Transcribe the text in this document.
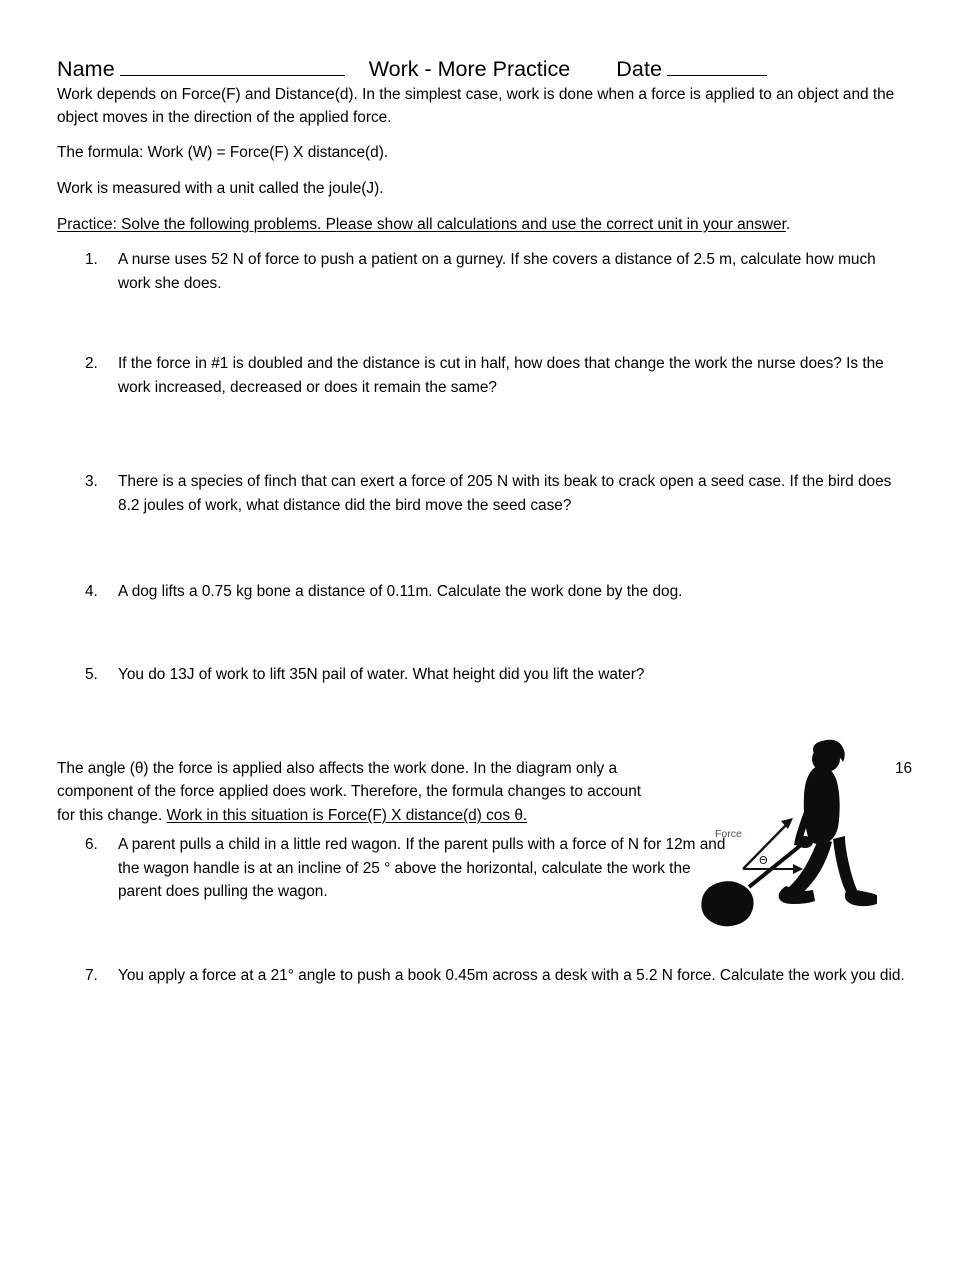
Name	Work - More Practice Date

Work depends on Force(F) and Distance(d). In the simplest case, work is done when a force is applied to an object and the object moves in the direction of the applied force.

The formula: Work (W) = Force(F) X distance(d).

Work is measured with a unit called the joule(J).

Practice: Solve the following problems. Please show all calculations and use the correct unit in your answer.

1.	A nurse uses 52 N of force to push a patient on a gurney. If she covers a distance of 2.5 m, calculate how much work she does.
2.	If the force in #1 is doubled and the distance is cut in half, how does that change the work the nurse does? Is the work increased, decreased or does it remain the same?
3.	There is a species of finch that can exert a force of 205 N with its beak to crack open a seed case. If the bird does 8.2 joules of work, what distance did the bird move the seed case?
4.	A dog lifts a 0.75 kg bone a distance of 0.11m. Calculate the work done by the dog.
5.	You do 13J of work to lift 35N pail of water. What height did you lift the water?
Θ
Force

The angle (θ) the force is applied also affects the work done. In the diagram only a component of the force applied does work. Therefore, the formula changes to account for this change. Work in this situation is Force(F) X distance(d) cos θ.

6. A parent pulls a child in a little red wagon. If the parent pulls with a force of N for 12m and the wagon handle is at an incline of 25 ° above the horizontal, calculate the work the parent does pulling the wagon.
16
7.	You apply a force at a 21° angle to push a book 0.45m across a desk with a 5.2 N force. Calculate the work you did.
